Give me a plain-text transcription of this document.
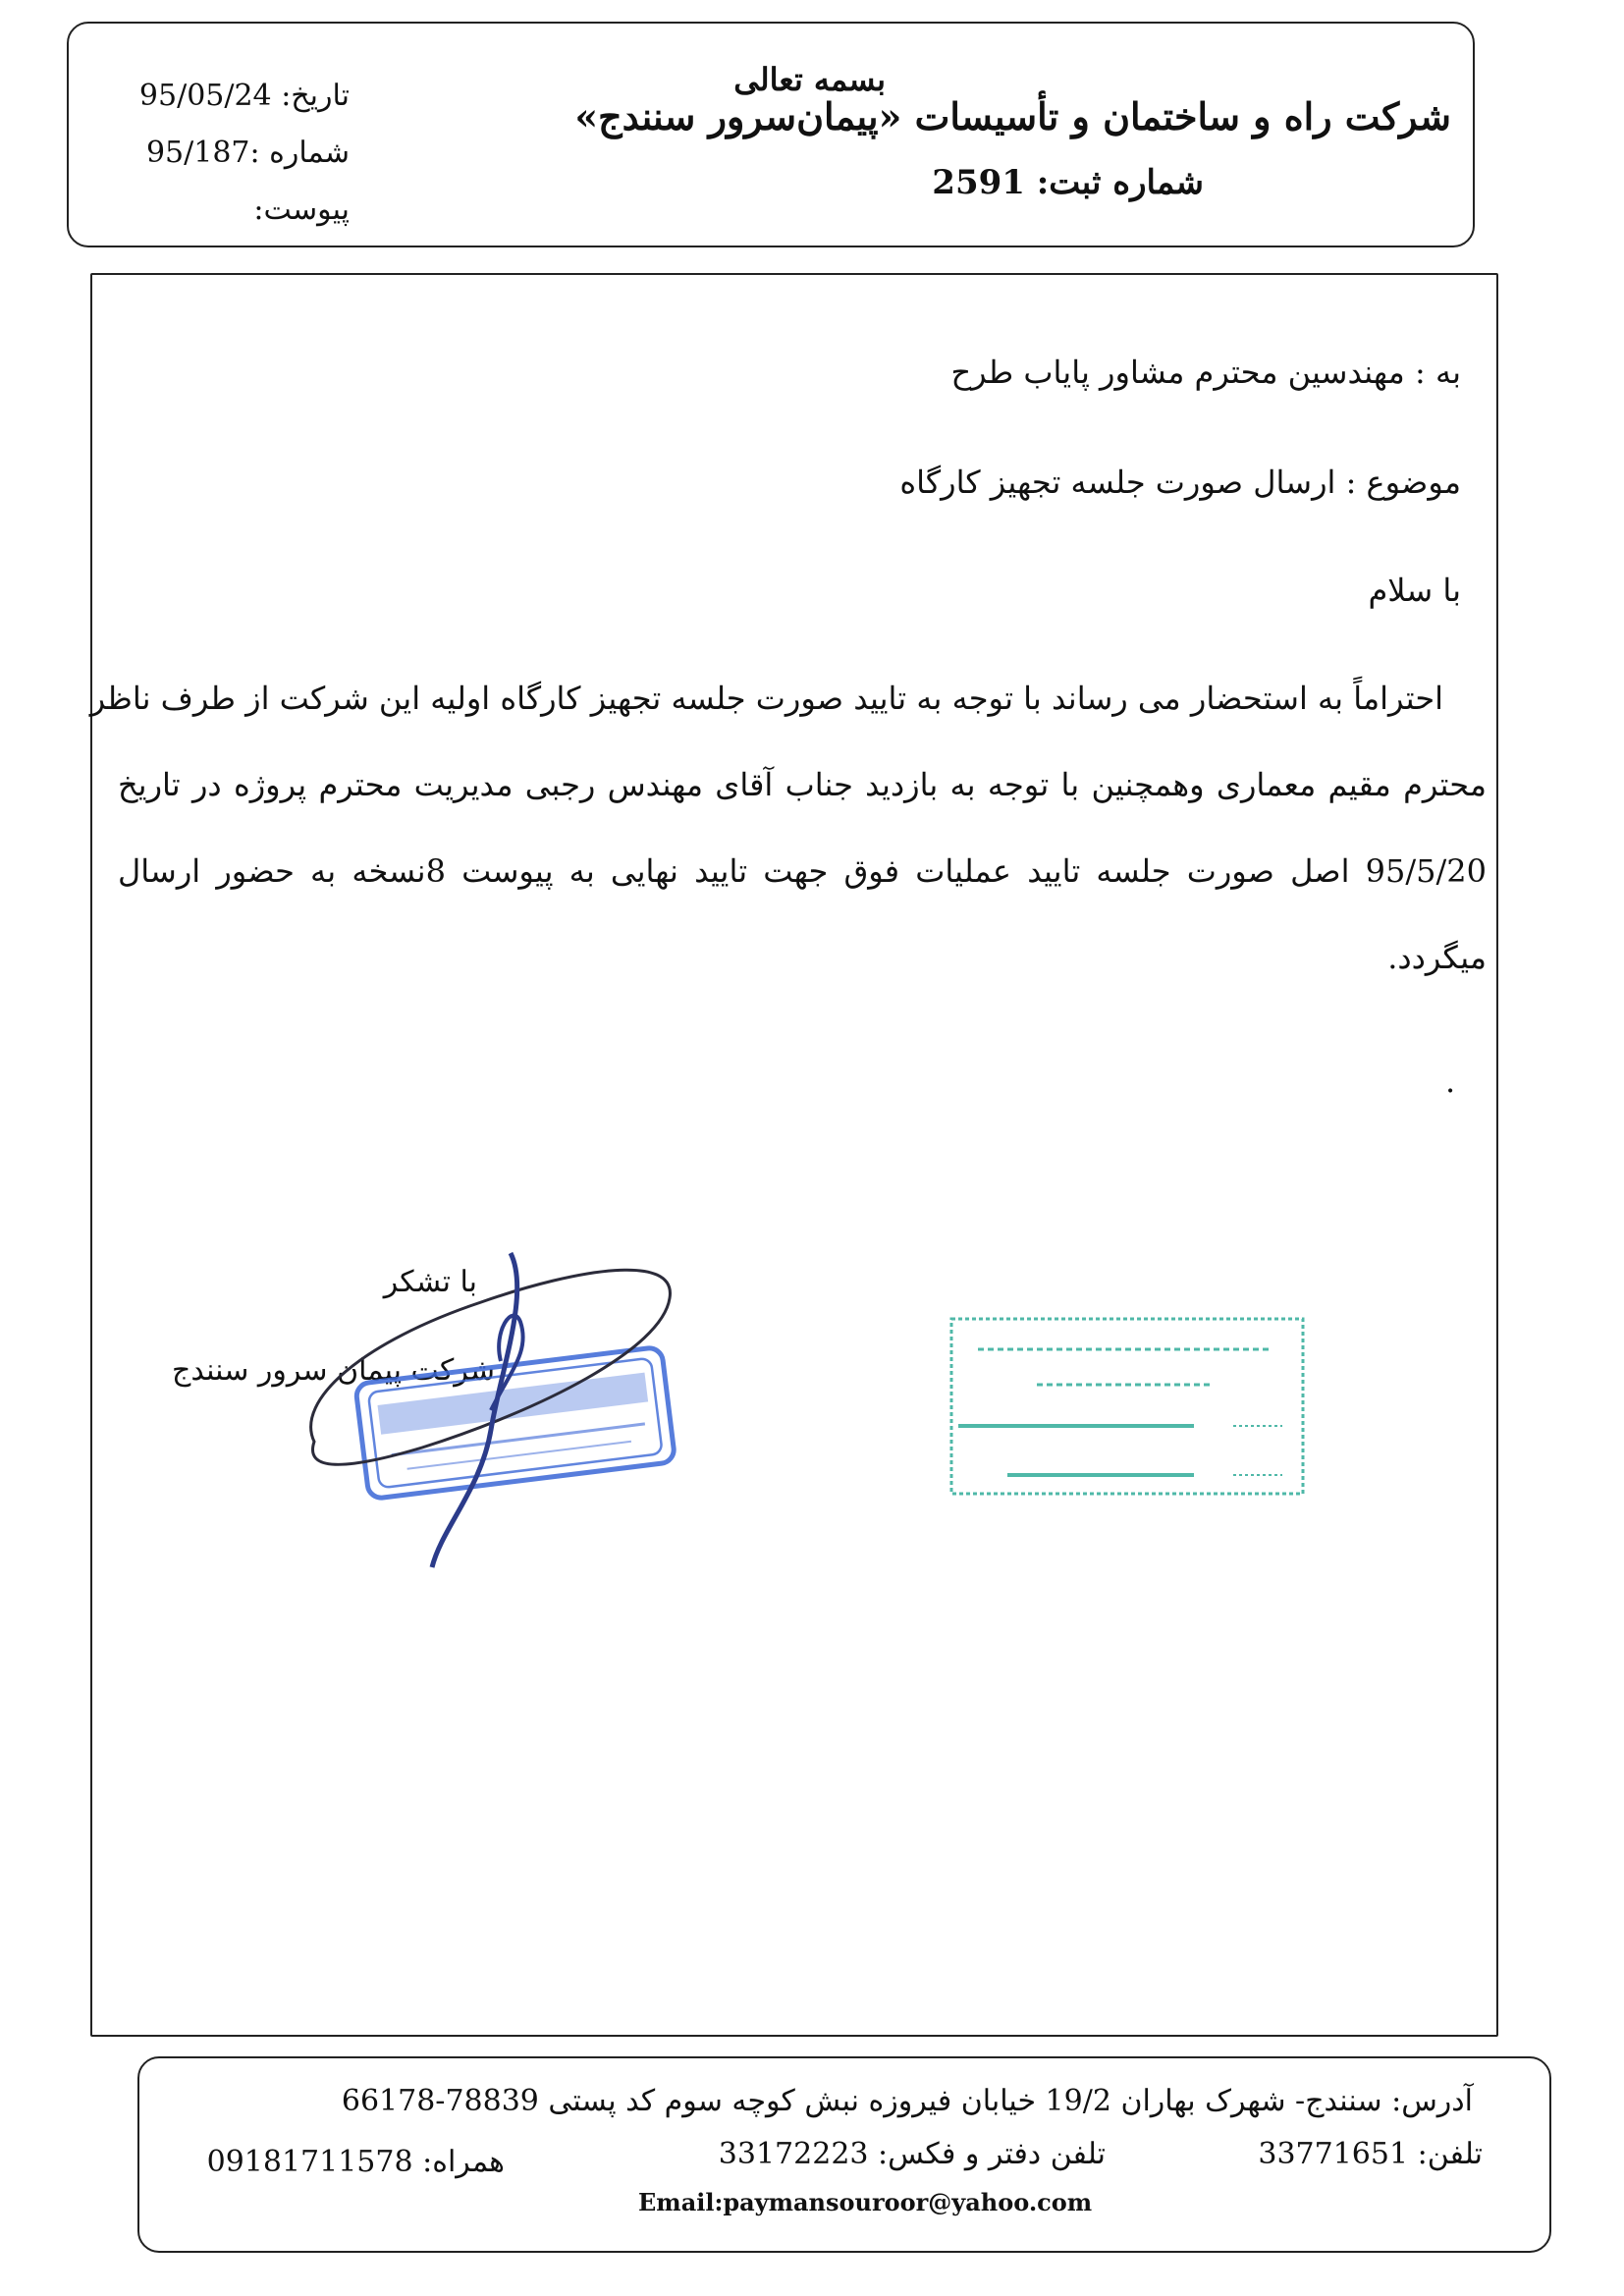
بسمه تعالی
شرکت راه و ساختمان و تأسیسات «پیمان‌سرور سنندج»
شماره ثبت: 2591
تاریخ: 95/05/24
شماره :95/187
پیوست:
به : مهندسین محترم مشاور پایاب طرح
موضوع : ارسال صورت جلسه تجهیز کارگاه
با سلام
احتراماً به استحضار می رساند با توجه به تایید صورت جلسه تجهیز کارگاه اولیه این شرکت از طرف ناظر
محترم مقیم معماری وهمچنین با توجه به بازدید جناب آقای مهندس رجبی مدیریت محترم پروژه در تاریخ
95/5/20 اصل صورت جلسه تایید عملیات فوق جهت تایید نهایی به پیوست 8نسخه به حضور ارسال
میگردد.
.
با تشکر
شرکت پیمان سرور سنندج
آدرس: سنندج- شهرک بهاران 19/2 خیابان فیروزه نبش کوچه سوم کد پستی 78839-66178
تلفن: 33771651
تلفن دفتر و فکس: 33172223
همراه: 09181711578
Email:paymansouroor@yahoo.com
